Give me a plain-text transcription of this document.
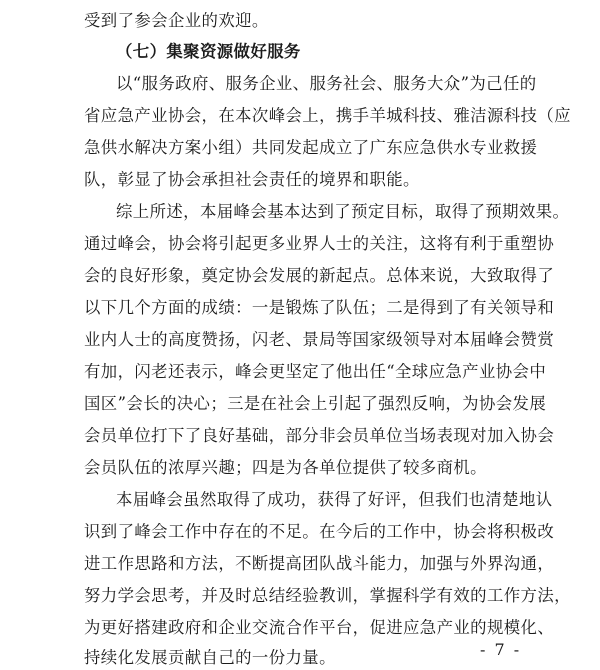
受到了参会企业的欢迎。
（七）集聚资源做好服务
以“服务政府、服务企业、服务社会、服务大众”为己任的
省应急产业协会，在本次峰会上，携手羊城科技、雅洁源科技（应
急供水解决方案小组）共同发起成立了广东应急供水专业救援
队，彰显了协会承担社会责任的境界和职能。
综上所述，本届峰会基本达到了预定目标，取得了预期效果。
通过峰会，协会将引起更多业界人士的关注，这将有利于重塑协
会的良好形象，奠定协会发展的新起点。总体来说，大致取得了
以下几个方面的成绩：一是锻炼了队伍；二是得到了有关领导和
业内人士的高度赞扬，闪老、景局等国家级领导对本届峰会赞赏
有加，闪老还表示，峰会更坚定了他出任“全球应急产业协会中
国区”会长的决心；三是在社会上引起了强烈反响，为协会发展
会员单位打下了良好基础，部分非会员单位当场表现对加入协会
会员队伍的浓厚兴趣；四是为各单位提供了较多商机。
本届峰会虽然取得了成功，获得了好评，但我们也清楚地认
识到了峰会工作中存在的不足。在今后的工作中，协会将积极改
进工作思路和方法，不断提高团队战斗能力，加强与外界沟通，
努力学会思考，并及时总结经验教训，掌握科学有效的工作方法，
为更好搭建政府和企业交流合作平台，促进应急产业的规模化、
持续化发展贡献自己的一份力量。	- 7 -
